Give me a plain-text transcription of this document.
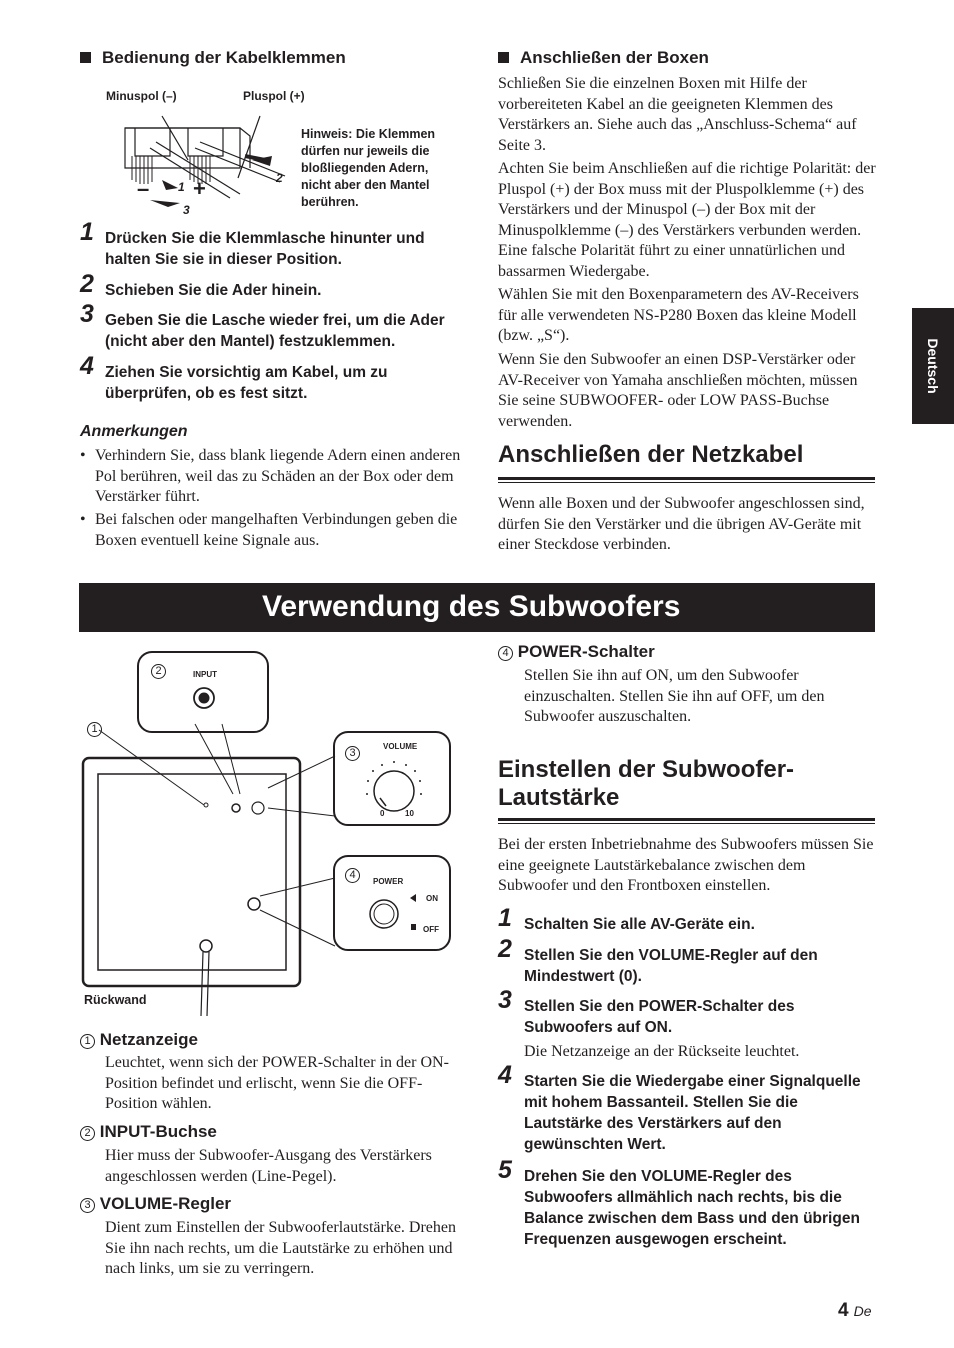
Bedienung der Kabelklemmen
Minuspol (–)	Pluspol (+)
– +
1
2
3
Hinweis: Die Klemmen dürfen nur jeweils die bloßliegenden Adern, nicht aber den Mantel berühren.
1 Drücken Sie die Klemmlasche hinunter und halten Sie sie in dieser Position.
2 Schieben Sie die Ader hinein.
3 Geben Sie die Lasche wieder frei, um die Ader (nicht aber den Mantel) festzuklemmen.
4 Ziehen Sie vorsichtig am Kabel, um zu überprüfen, ob es fest sitzt.
Anmerkungen
• Verhindern Sie, dass blank liegende Adern einen anderen Pol berühren, weil das zu Schäden an der Box oder dem Verstärker führt.
• Bei falschen oder mangelhaften Verbindungen geben die Boxen eventuell keine Signale aus.
Anschließen der Boxen
Schließen Sie die einzelnen Boxen mit Hilfe der vorbereiteten Kabel an die geeigneten Klemmen des Verstärkers an. Siehe auch das „Anschluss-Schema“ auf Seite 3.
Achten Sie beim Anschließen auf die richtige Polarität: der Pluspol (+) der Box muss mit der Pluspolklemme (+) des Verstärkers und der Minuspol (–) der Box mit der Minuspolklemme (–) des Verstärkers verbunden werden. Eine falsche Polarität führt zu einer unnatürlichen und bassarmen Wiedergabe.
Wählen Sie mit den Boxenparametern des AV-Receivers für alle verwendeten NS-P280 Boxen das kleine Modell (bzw. „S“).
Wenn Sie den Subwoofer an einen DSP-Verstärker oder AV-Receiver von Yamaha anschließen möchten, müssen Sie seine SUBWOOFER- oder LOW PASS-Buchse verwenden.
Anschließen der Netzkabel
Wenn alle Boxen und der Subwoofer angeschlossen sind, dürfen Sie den Verstärker und die übrigen AV-Geräte mit einer Steckdose verbinden.
Deutsch
Verwendung des Subwoofers
2
1
3
4
INPUT
VOLUME
0	10
POWER
ON
OFF
Rückwand
1 Netzanzeige
Leuchtet, wenn sich der POWER-Schalter in der ON-Position befindet und erlischt, wenn Sie die OFF-Position wählen.
2 INPUT-Buchse
Hier muss der Subwoofer-Ausgang des Verstärkers angeschlossen werden (Line-Pegel).
3 VOLUME-Regler
Dient zum Einstellen der Subwooferlautstärke. Drehen Sie ihn nach rechts, um die Lautstärke zu erhöhen und nach links, um sie zu verringern.
4 POWER-Schalter
Stellen Sie ihn auf ON, um den Subwoofer einzuschalten. Stellen Sie ihn auf OFF, um den Subwoofer auszuschalten.
Einstellen der Subwoofer-
Lautstärke
Bei der ersten Inbetriebnahme des Subwoofers müssen Sie eine geeignete Lautstärkebalance zwischen dem Subwoofer und den Frontboxen einstellen.
1 Schalten Sie alle AV-Geräte ein.
2 Stellen Sie den VOLUME-Regler auf den Mindestwert (0).
3 Stellen Sie den POWER-Schalter des Subwoofers auf ON.
Die Netzanzeige an der Rückseite leuchtet.
4 Starten Sie die Wiedergabe einer Signalquelle mit hohem Bassanteil. Stellen Sie die Lautstärke des Verstärkers auf den gewünschten Wert.
5 Drehen Sie den VOLUME-Regler des Subwoofers allmählich nach rechts, bis die Balance zwischen dem Bass und den übrigen Frequenzen ausgewogen erscheint.
4 De
